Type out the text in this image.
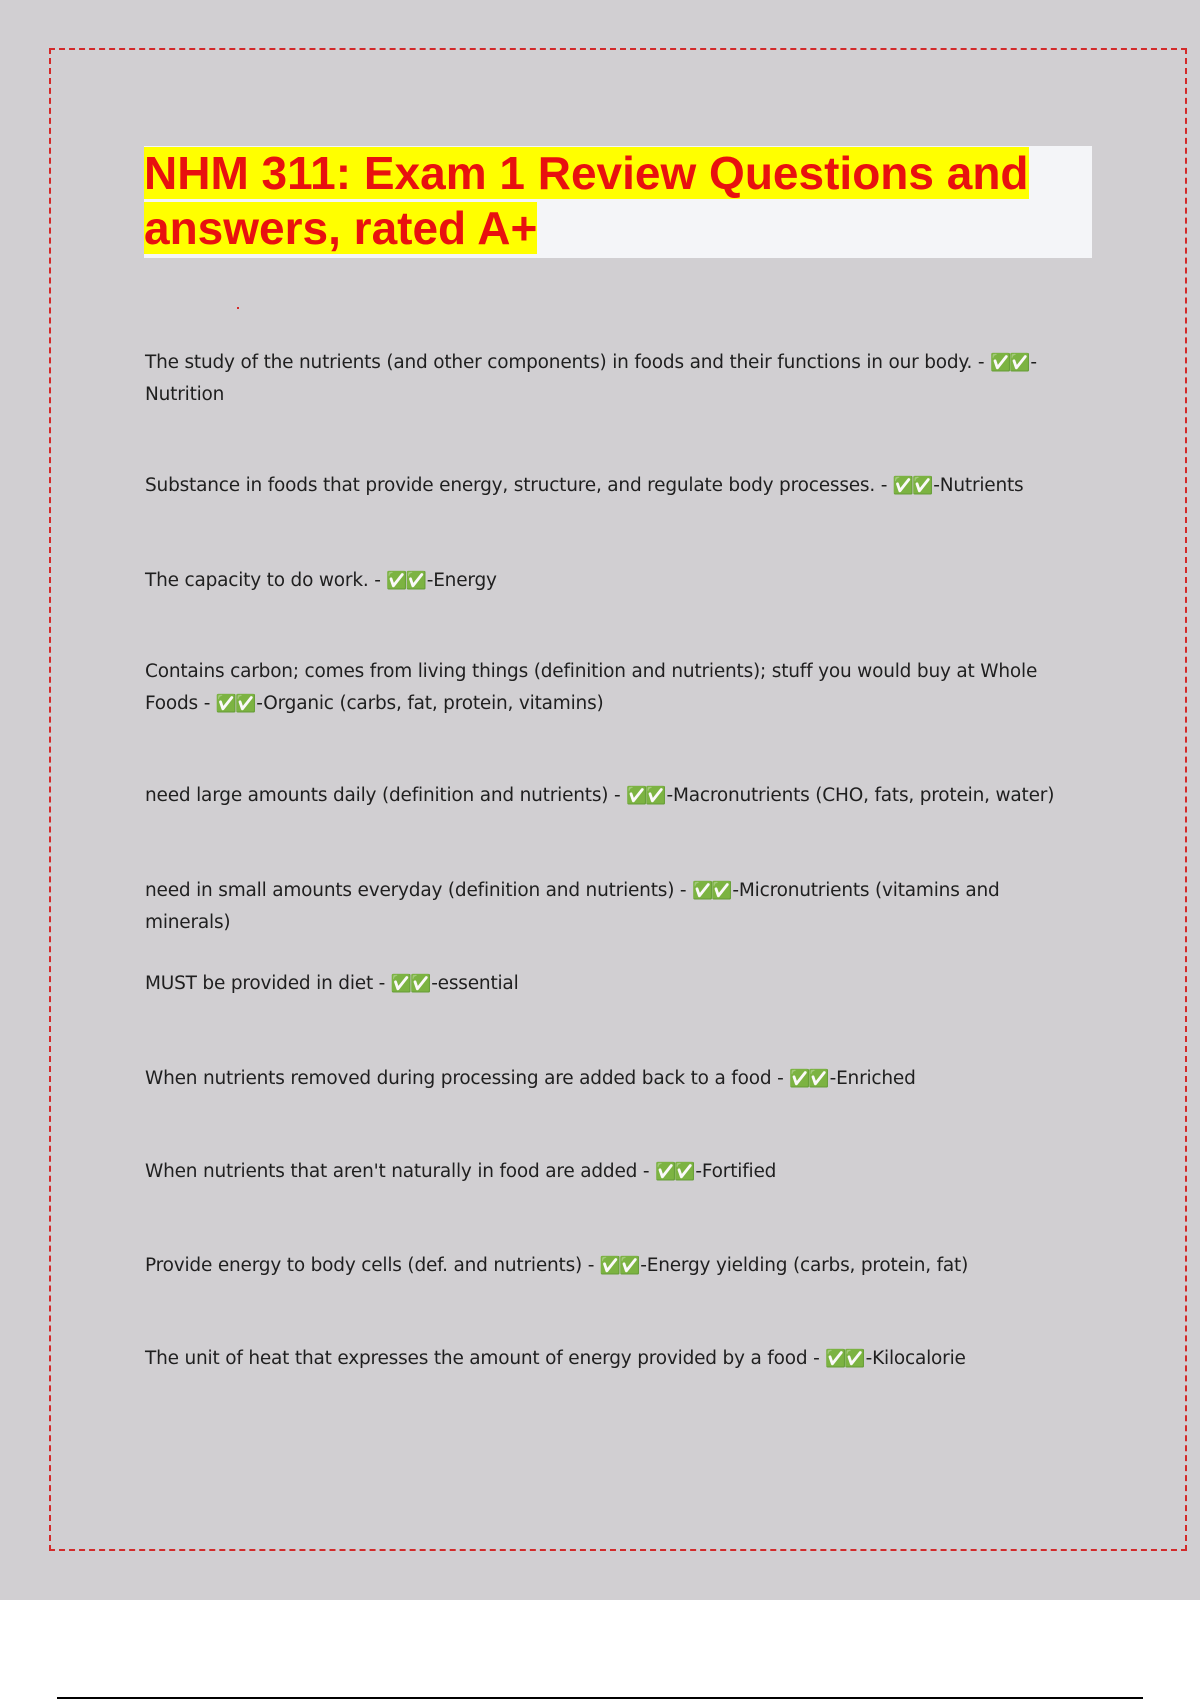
NHM 311: Exam 1 Review Questions and
answers, rated A+

The study of the nutrients (and other components) in foods and their functions in our body. - ✅✅ -
Nutrition

Substance in foods that provide energy, structure, and regulate body processes. - ✅✅ -Nutrients

The capacity to do work. - ✅✅ -Energy

Contains carbon; comes from living things (definition and nutrients); stuff you would buy at Whole Foods - ✅✅ -Organic (carbs, fat, protein, vitamins)

need large amounts daily (definition and nutrients) - ✅✅ -Macronutrients (CHO, fats, protein, water)

need in small amounts everyday (definition and nutrients) - ✅✅ -Micronutrients (vitamins and minerals)

MUST be provided in diet - ✅✅ -essential

When nutrients removed during processing are added back to a food - ✅✅ -Enriched

When nutrients that aren't naturally in food are added - ✅✅ -Fortified

Provide energy to body cells (def. and nutrients) - ✅✅ -Energy yielding (carbs, protein, fat)

The unit of heat that expresses the amount of energy provided by a food - ✅✅ -Kilocalorie
